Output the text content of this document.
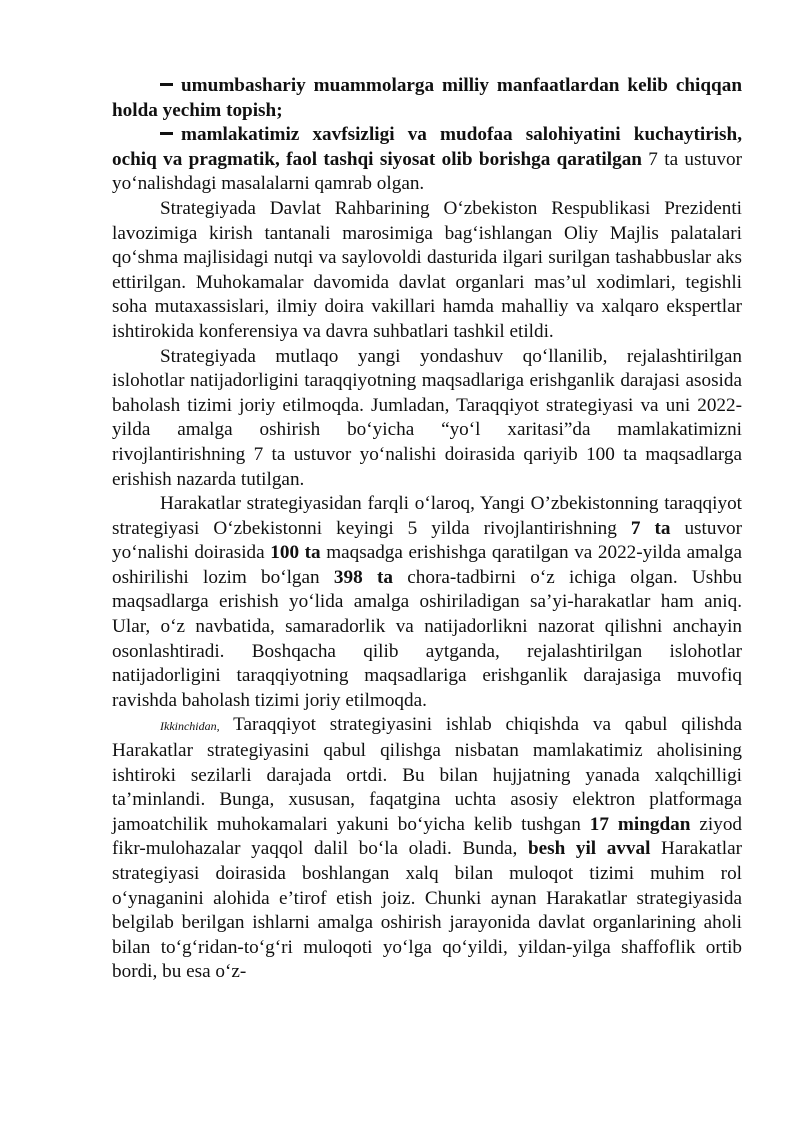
umumbashariy muammolarga milliy manfaatlardan kelib chiqqan holda yechim topish;

mamlakatimiz xavfsizligi va mudofaa salohiyatini kuchaytirish, ochiq va pragmatik, faol tashqi siyosat olib borishga qaratilgan 7 ta ustuvor yo‘nalishdagi masalalarni qamrab olgan.

Strategiyada Davlat Rahbarining O‘zbekiston Respublikasi Prezidenti lavozimiga kirish tantanali marosimiga bag‘ishlangan Oliy Majlis palatalari qo‘shma majlisidagi nutqi va saylovoldi dasturida ilgari surilgan tashabbuslar aks ettirilgan. Muhokamalar davomida davlat organlari mas’ul xodimlari, tegishli soha mutaxassislari, ilmiy doira vakillari hamda mahalliy va xalqaro ekspertlar ishtirokida konferensiya va davra suhbatlari tashkil etildi.

Strategiyada mutlaqo yangi yondashuv qo‘llanilib, rejalashtirilgan islohotlar natijadorligini taraqqiyotning maqsadlariga erishganlik darajasi asosida baholash tizimi joriy etilmoqda. Jumladan, Taraqqiyot strategiyasi va uni 2022-yilda amalga oshirish bo‘yicha “yo‘l xaritasi”da mamlakatimizni rivojlantirishning 7 ta ustuvor yo‘nalishi doirasida qariyib 100 ta maqsadlarga erishish nazarda tutilgan.

Harakatlar strategiyasidan farqli o‘laroq, Yangi O’zbekistonning taraqqiyot strategiyasi O‘zbekistonni keyingi 5 yilda rivojlantirishning 7 ta ustuvor yo‘nalishi doirasida 100 ta maqsadga erishishga qaratilgan va 2022-yilda amalga oshirilishi lozim bo‘lgan 398 ta chora-tadbirni o‘z ichiga olgan. Ushbu maqsadlarga erishish yo‘lida amalga oshiriladigan sa’yi-harakatlar ham aniq. Ular, o‘z navbatida, samaradorlik va natijadorlikni nazorat qilishni anchayin osonlashtiradi. Boshqacha qilib aytganda, rejalashtirilgan islohotlar natijadorligini taraqqiyotning maqsadlariga erishganlik darajasiga muvofiq ravishda baholash tizimi joriy etilmoqda.

Ikkinchidan, Taraqqiyot strategiyasini ishlab chiqishda va qabul qilishda Harakatlar strategiyasini qabul qilishga nisbatan mamlakatimiz aholisining ishtiroki sezilarli darajada ortdi. Bu bilan hujjatning yanada xalqchilligi ta’minlandi. Bunga, xususan, faqatgina uchta asosiy elektron platformaga jamoatchilik muhokamalari yakuni bo‘yicha kelib tushgan 17 mingdan ziyod fikr-mulohazalar yaqqol dalil bo‘la oladi. Bunda, besh yil avval Harakatlar strategiyasi doirasida boshlangan xalq bilan muloqot tizimi muhim rol o‘ynaganini alohida e’tirof etish joiz. Chunki aynan Harakatlar strategiyasida belgilab berilgan ishlarni amalga oshirish jarayonida davlat organlarining aholi bilan to‘g‘ridan-to‘g‘ri muloqoti yo‘lga qo‘yildi, yildan-yilga shaffoflik ortib bordi, bu esa o‘z-
